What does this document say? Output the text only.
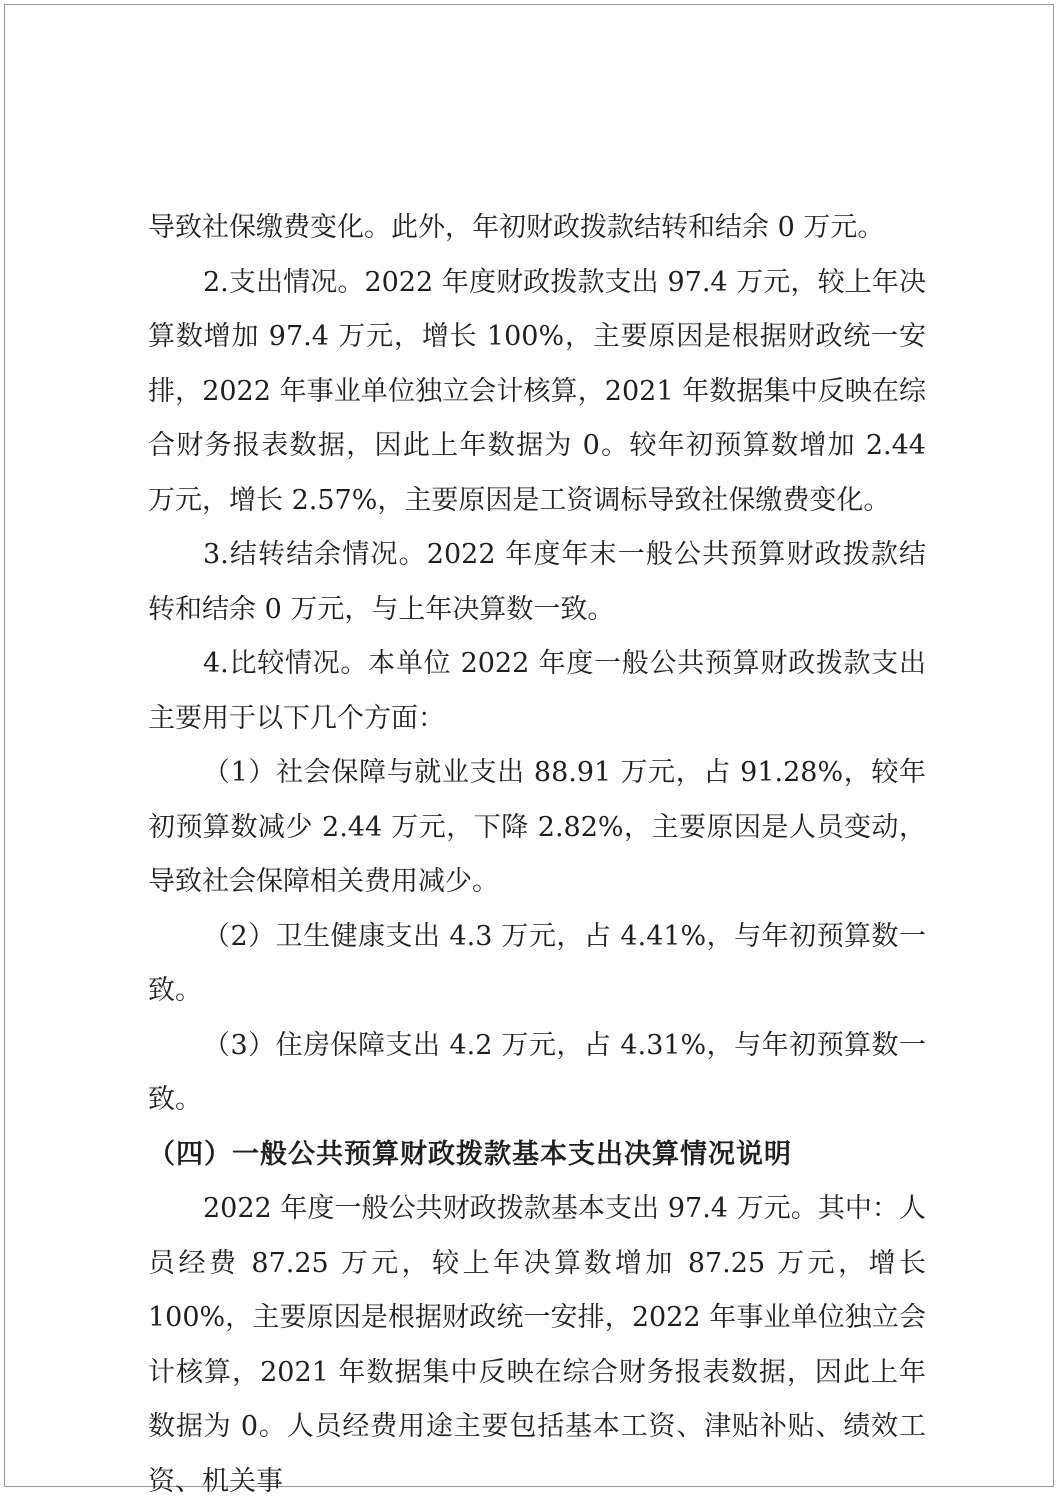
导致社保缴费变化。此外，年初财政拨款结转和结余 0 万元。

2.支出情况。2022 年度财政拨款支出 97.4 万元，较上年决算数增加 97.4 万元，增长 100%，主要原因是根据财政统一安排，2022 年事业单位独立会计核算，2021 年数据集中反映在综合财务报表数据，因此上年数据为 0。较年初预算数增加 2.44 万元，增长 2.57%，主要原因是工资调标导致社保缴费变化。

3.结转结余情况。2022 年度年末一般公共预算财政拨款结转和结余 0 万元，与上年决算数一致。

4.比较情况。本单位 2022 年度一般公共预算财政拨款支出主要用于以下几个方面：

（1）社会保障与就业支出 88.91 万元，占 91.28%，较年初预算数减少 2.44 万元，下降 2.82%，主要原因是人员变动，导致社会保障相关费用减少。

（2）卫生健康支出 4.3 万元，占 4.41%，与年初预算数一致。

（3）住房保障支出 4.2 万元，占 4.31%，与年初预算数一致。

（四）一般公共预算财政拨款基本支出决算情况说明

2022 年度一般公共财政拨款基本支出 97.4 万元。其中：人员经费 87.25 万元，较上年决算数增加 87.25 万元，增长 100%，主要原因是根据财政统一安排，2022 年事业单位独立会计核算，2021 年数据集中反映在综合财务报表数据，因此上年数据为 0。人员经费用途主要包括基本工资、津贴补贴、绩效工资、机关事
